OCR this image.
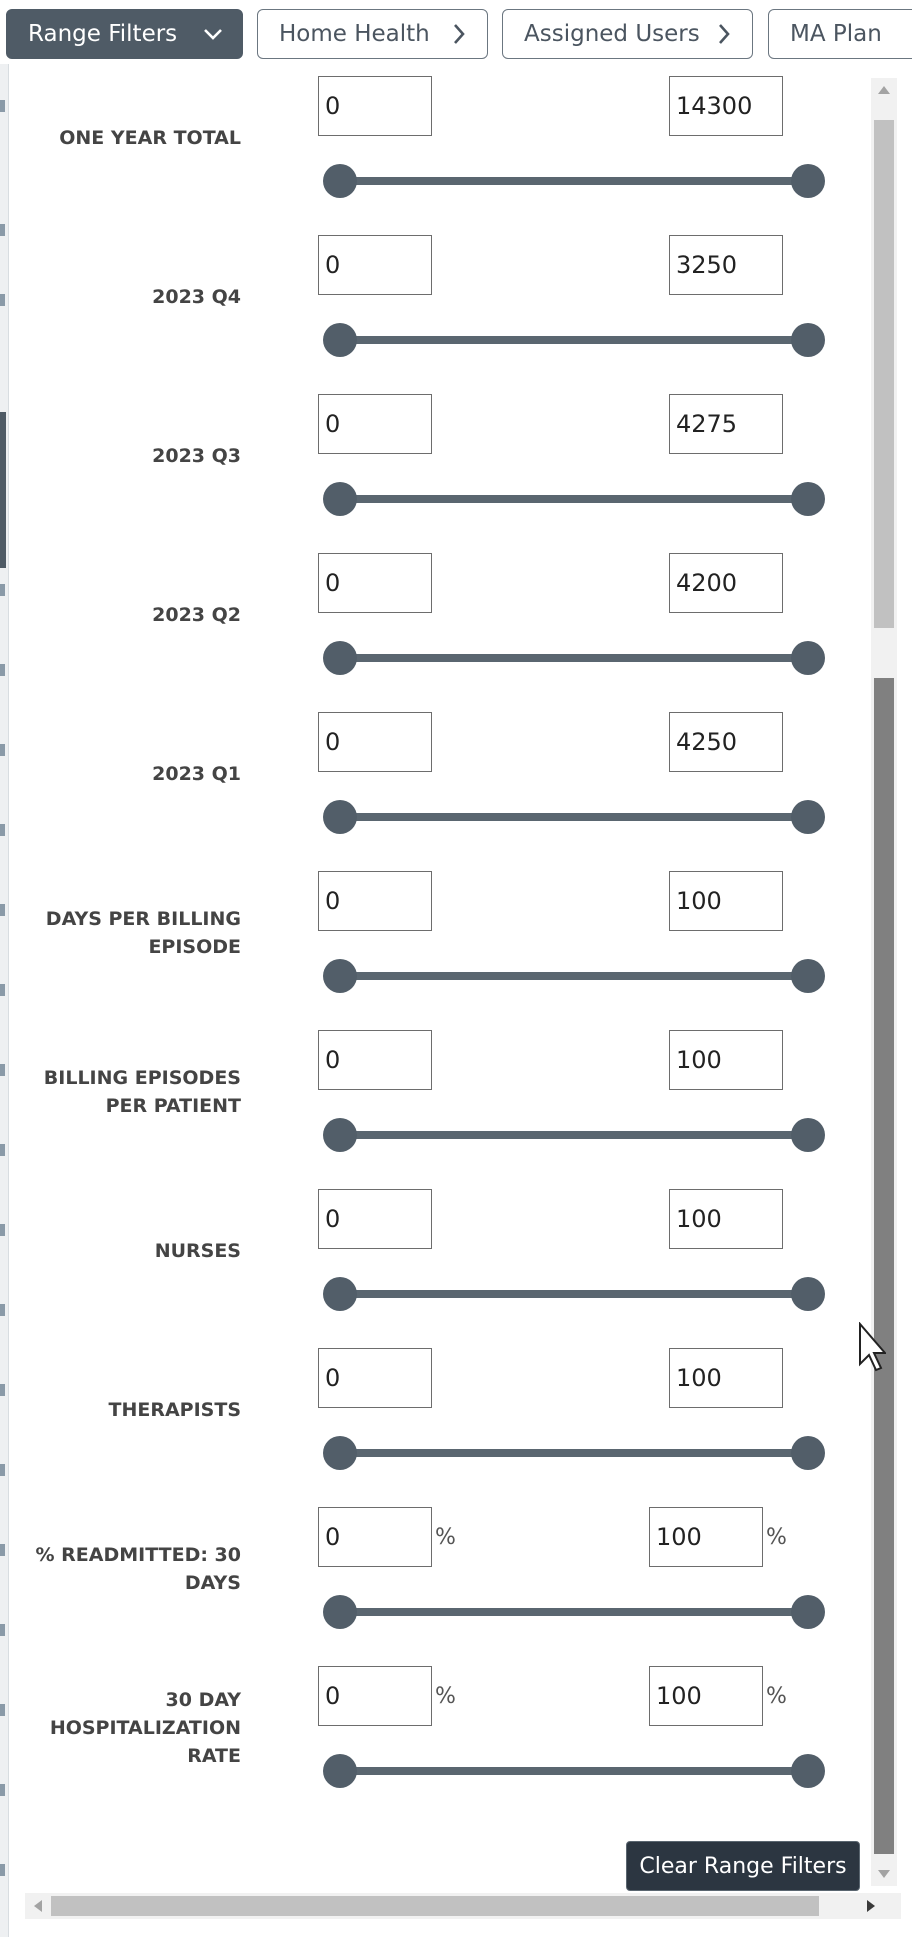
Range Filters	Home Health	Assigned Users	MA Plan
ONE YEAR TOTAL
0	14300
2023 Q4
0	3250
2023 Q3
0	4275
2023 Q2
0	4200
2023 Q1
0	4250
DAYS PER BILLING EPISODE
0	100
BILLING EPISODES PER PATIENT
0	100
NURSES
0	100
THERAPISTS
0	100
% READMITTED: 30 DAYS
0	%	100	%
30 DAY HOSPITALIZATION RATE
0	%	100	%
Clear Range Filters
